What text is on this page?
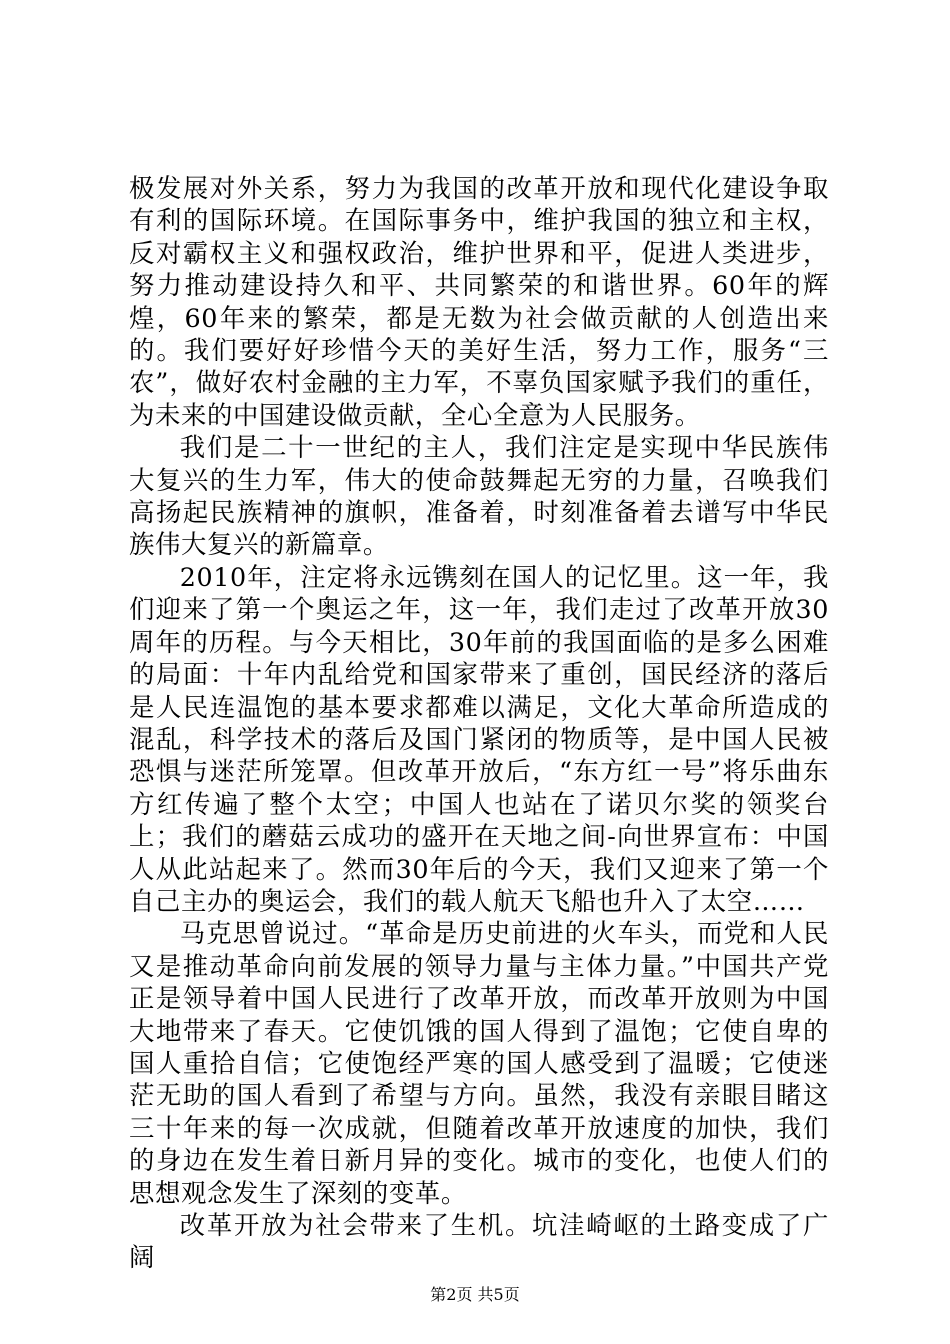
极发展对外关系，努力为我国的改革开放和现代化建设争取有利的国际环境。在国际事务中，维护我国的独立和主权，反对霸权主义和强权政治，维护世界和平，促进人类进步，努力推动建设持久和平、共同繁荣的和谐世界。60年的辉煌，60年来的繁荣，都是无数为社会做贡献的人创造出来的。我们要好好珍惜今天的美好生活，努力工作，服务“三农”，做好农村金融的主力军，不辜负国家赋予我们的重任，为未来的中国建设做贡献，全心全意为人民服务。

我们是二十一世纪的主人，我们注定是实现中华民族伟大复兴的生力军，伟大的使命鼓舞起无穷的力量，召唤我们高扬起民族精神的旗帜，准备着，时刻准备着去谱写中华民族伟大复兴的新篇章。

2010年，注定将永远镌刻在国人的记忆里。这一年，我们迎来了第一个奥运之年，这一年，我们走过了改革开放30周年的历程。与今天相比，30年前的我国面临的是多么困难的局面：十年内乱给党和国家带来了重创，国民经济的落后是人民连温饱的基本要求都难以满足，文化大革命所造成的混乱，科学技术的落后及国门紧闭的物质等，是中国人民被恐惧与迷茫所笼罩。但改革开放后，“东方红一号”将乐曲东方红传遍了整个太空；中国人也站在了诺贝尔奖的领奖台上；我们的蘑菇云成功的盛开在天地之间-向世界宣布：中国人从此站起来了。然而30年后的今天，我们又迎来了第一个自己主办的奥运会，我们的载人航天飞船也升入了太空……

马克思曾说过。“革命是历史前进的火车头，而党和人民又是推动革命向前发展的领导力量与主体力量。”中国共产党正是领导着中国人民进行了改革开放，而改革开放则为中国大地带来了春天。它使饥饿的国人得到了温饱；它使自卑的国人重拾自信；它使饱经严寒的国人感受到了温暖；它使迷茫无助的国人看到了希望与方向。虽然，我没有亲眼目睹这三十年来的每一次成就，但随着改革开放速度的加快，我们的身边在发生着日新月异的变化。城市的变化，也使人们的思想观念发生了深刻的变革。

改革开放为社会带来了生机。坑洼崎岖的土路变成了广阔

第2页 共5页
